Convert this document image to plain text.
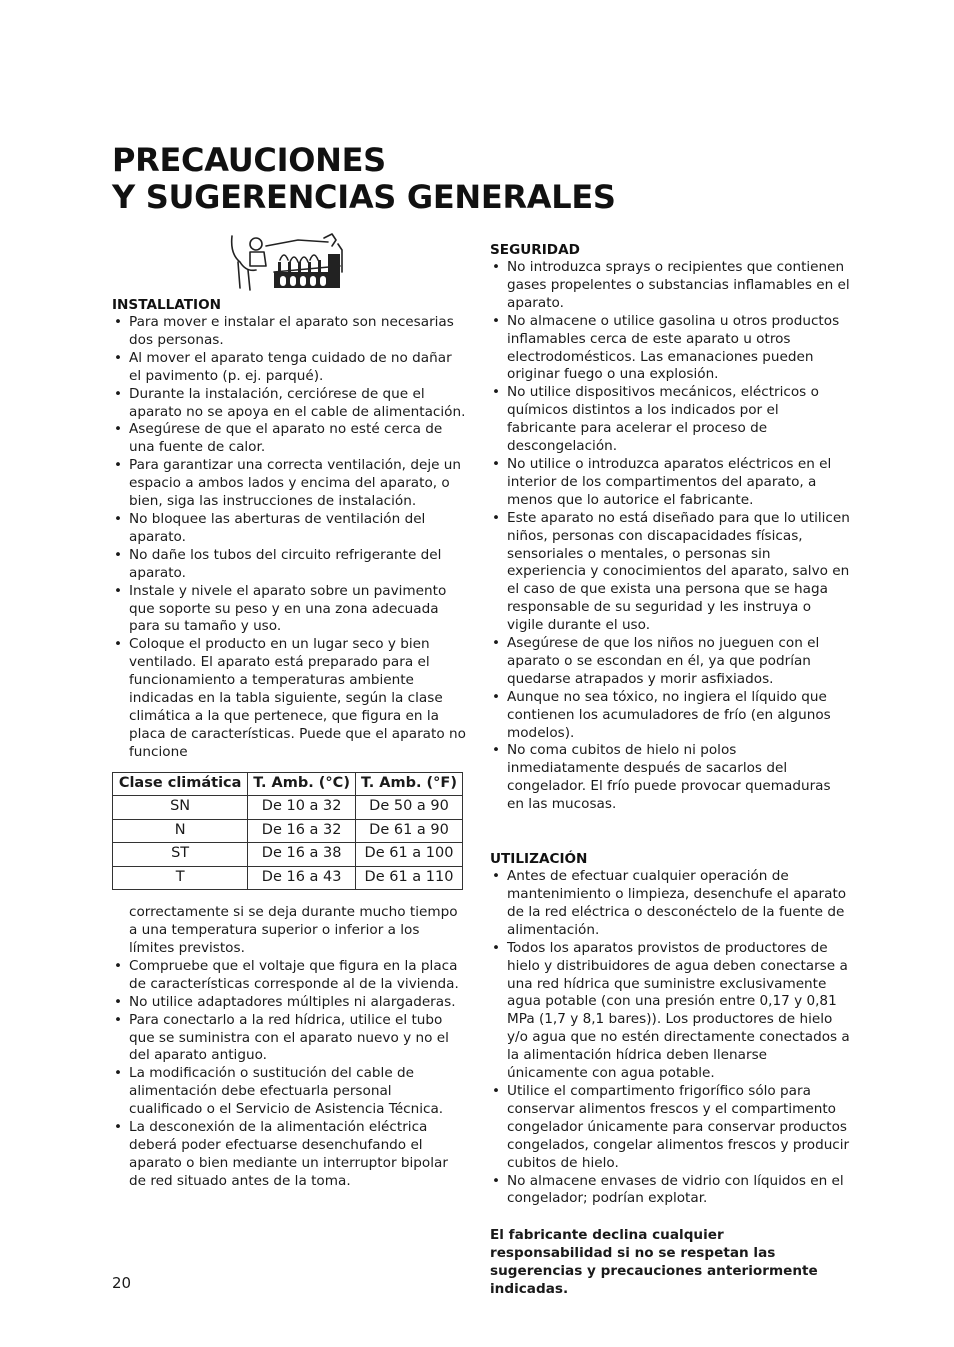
PRECAUCIONES
Y SUGERENCIAS GENERALES
INSTALLATION
• Para mover e instalar el aparato son necesarias dos personas.
• Al mover el aparato tenga cuidado de no dañar el pavimento (p. ej. parqué).
• Durante la instalación, cerciórese de que el aparato no se apoya en el cable de alimentación.
• Asegúrese de que el aparato no esté cerca de una fuente de calor.
• Para garantizar una correcta ventilación, deje un espacio a ambos lados y encima del aparato, o bien, siga las instrucciones de instalación.
• No bloquee las aberturas de ventilación del aparato.
• No dañe los tubos del circuito refrigerante del aparato.
• Instale y nivele el aparato sobre un pavimento que soporte su peso y en una zona adecuada para su tamaño y uso.
• Coloque el producto en un lugar seco y bien ventilado. El aparato está preparado para el funcionamiento a temperaturas ambiente indicadas en la tabla siguiente, según la clase climática a la que pertenece, que figura en la placa de características. Puede que el aparato no funcione
Clase climática	T. Amb. (°C)	T. Amb. (°F)
SN	De 10 a 32	De 50 a 90
N	De 16 a 32	De 61 a 90
ST	De 16 a 38	De 61 a 100
T	De 16 a 43	De 61 a 110

correctamente si se deja durante mucho tiempo a una temperatura superior o inferior a los límites previstos.

• Compruebe que el voltaje que figura en la placa de características corresponde al de la vivienda.
• No utilice adaptadores múltiples ni alargaderas.
• Para conectarlo a la red hídrica, utilice el tubo que se suministra con el aparato nuevo y no el del aparato antiguo.
• La modificación o sustitución del cable de alimentación debe efectuarla personal cualificado o el Servicio de Asistencia Técnica.
• La desconexión de la alimentación eléctrica deberá poder efectuarse desenchufando el aparato o bien mediante un interruptor bipolar de red situado antes de la toma.
SEGURIDAD
• No introduzca sprays o recipientes que contienen gases propelentes o substancias inflamables en el aparato.
• No almacene o utilice gasolina u otros productos inflamables cerca de este aparato u otros electrodomésticos. Las emanaciones pueden originar fuego o una explosión.
• No utilice dispositivos mecánicos, eléctricos o químicos distintos a los indicados por el fabricante para acelerar el proceso de descongelación.
• No utilice o introduzca aparatos eléctricos en el interior de los compartimentos del aparato, a menos que lo autorice el fabricante.
• Este aparato no está diseñado para que lo utilicen niños, personas con discapacidades físicas, sensoriales o mentales, o personas sin experiencia y conocimientos del aparato, salvo en el caso de que exista una persona que se haga responsable de su seguridad y les instruya o vigile durante el uso.
• Asegúrese de que los niños no jueguen con el aparato o se escondan en él, ya que podrían quedarse atrapados y morir asfixiados.
• Aunque no sea tóxico, no ingiera el líquido que contienen los acumuladores de frío (en algunos modelos).
• No coma cubitos de hielo ni polos inmediatamente después de sacarlos del congelador. El frío puede provocar quemaduras en las mucosas.
UTILIZACIÓN
• Antes de efectuar cualquier operación de mantenimiento o limpieza, desenchufe el aparato de la red eléctrica o desconéctelo de la fuente de alimentación.
• Todos los aparatos provistos de productores de hielo y distribuidores de agua deben conectarse a una red hídrica que suministre exclusivamente agua potable (con una presión entre 0,17 y 0,81 MPa (1,7 y 8,1 bares)). Los productores de hielo y/o agua que no estén directamente conectados a la alimentación hídrica deben llenarse únicamente con agua potable.
• Utilice el compartimento frigorífico sólo para conservar alimentos frescos y el compartimento congelador únicamente para conservar productos congelados, congelar alimentos frescos y producir cubitos de hielo.
• No almacene envases de vidrio con líquidos en el congelador; podrían explotar.

El fabricante declina cualquier responsabilidad si no se respetan las sugerencias y precauciones anteriormente indicadas.

20
